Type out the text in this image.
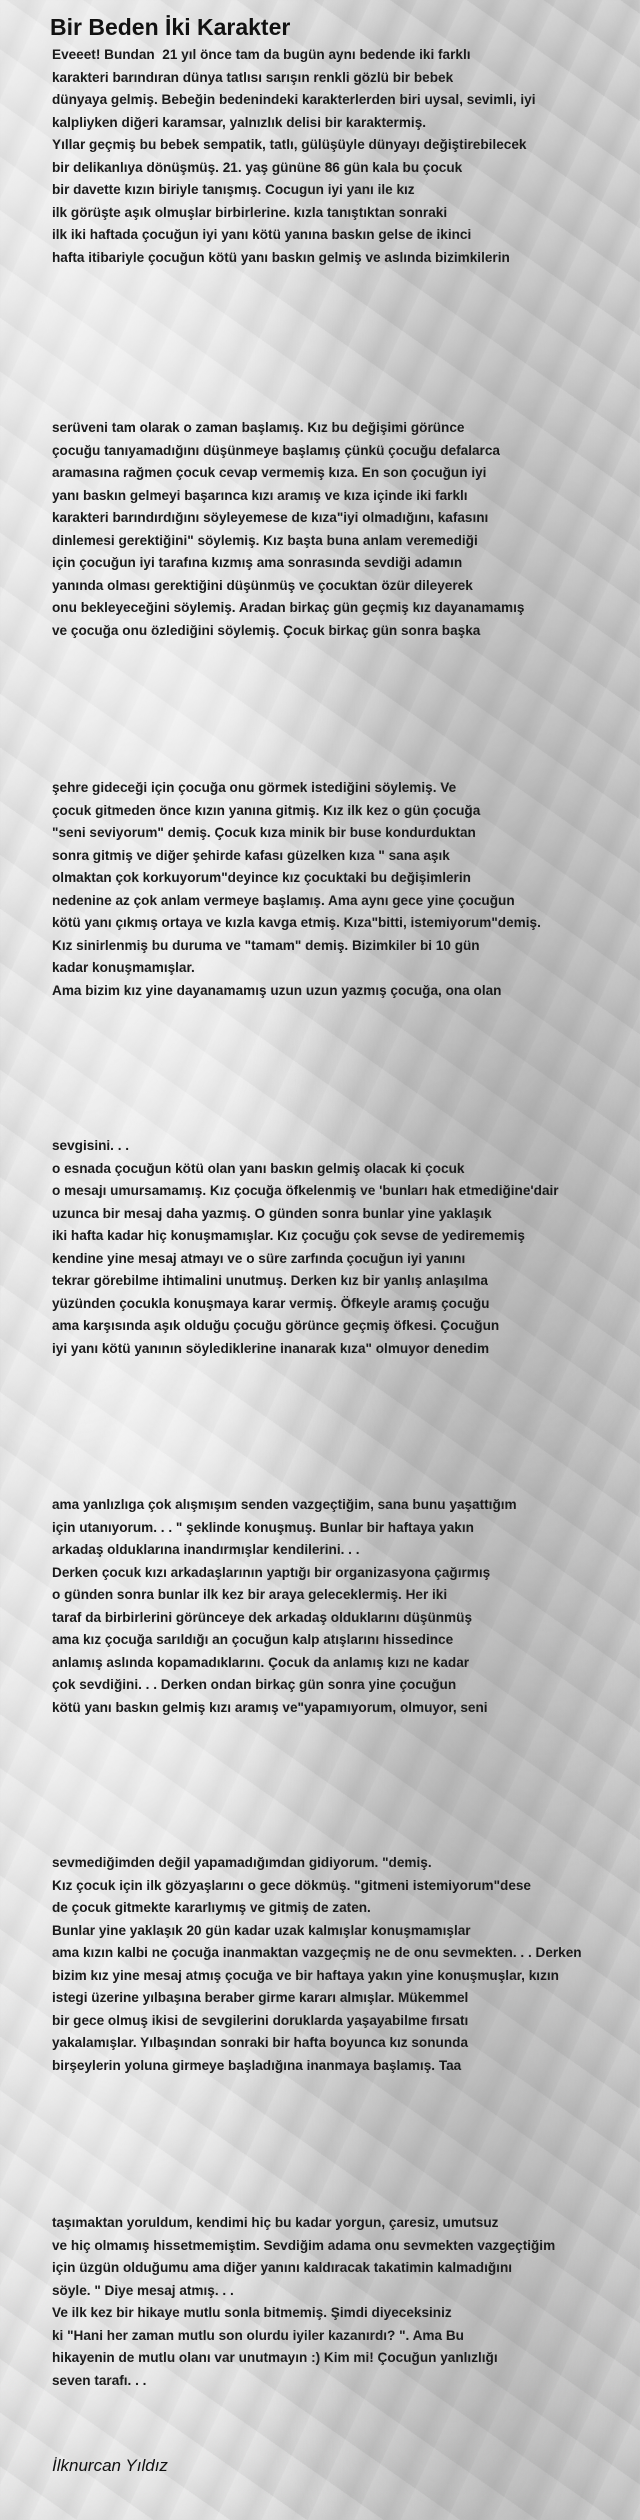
Bir Beden İki Karakter
Eveeet! Bundan  21 yıl önce tam da bugün aynı bedende iki farklı
karakteri barındıran dünya tatlısı sarışın renkli gözlü bir bebek
dünyaya gelmiş. Bebeğin bedenindeki karakterlerden biri uysal, sevimli, iyi
kalpliyken diğeri karamsar, yalnızlık delisi bir karaktermiş.
Yıllar geçmiş bu bebek sempatik, tatlı, gülüşüyle dünyayı değiştirebilecek
bir delikanlıya dönüşmüş. 21. yaş gününe 86 gün kala bu çocuk
bir davette kızın biriyle tanışmış. Cocugun iyi yanı ile kız
ilk görüşte aşık olmuşlar birbirlerine. kızla tanıştıktan sonraki
ilk iki haftada çocuğun iyi yanı kötü yanına baskın gelse de ikinci
hafta itibariyle çocuğun kötü yanı baskın gelmiş ve aslında bizimkilerin
serüveni tam olarak o zaman başlamış. Kız bu değişimi görünce
çocuğu tanıyamadığını düşünmeye başlamış çünkü çocuğu defalarca
aramasına rağmen çocuk cevap vermemiş kıza. En son çocuğun iyi
yanı baskın gelmeyi başarınca kızı aramış ve kıza içinde iki farklı
karakteri barındırdığını söyleyemese de kıza"iyi olmadığını, kafasını
dinlemesi gerektiğini" söylemiş. Kız başta buna anlam veremediği
için çocuğun iyi tarafına kızmış ama sonrasında sevdiği adamın
yanında olması gerektiğini düşünmüş ve çocuktan özür dileyerek
onu bekleyeceğini söylemiş. Aradan birkaç gün geçmiş kız dayanamamış
ve çocuğa onu özlediğini söylemiş. Çocuk birkaç gün sonra başka
şehre gideceği için çocuğa onu görmek istediğini söylemiş. Ve
çocuk gitmeden önce kızın yanına gitmiş. Kız ilk kez o gün çocuğa
"seni seviyorum" demiş. Çocuk kıza minik bir buse kondurduktan
sonra gitmiş ve diğer şehirde kafası güzelken kıza " sana aşık
olmaktan çok korkuyorum"deyince kız çocuktaki bu değişimlerin
nedenine az çok anlam vermeye başlamış. Ama aynı gece yine çocuğun
kötü yanı çıkmış ortaya ve kızla kavga etmiş. Kıza"bitti, istemiyorum"demiş.
Kız sinirlenmiş bu duruma ve "tamam" demiş. Bizimkiler bi 10 gün
kadar konuşmamışlar.
Ama bizim kız yine dayanamamış uzun uzun yazmış çocuğa, ona olan
sevgisini. . .
o esnada çocuğun kötü olan yanı baskın gelmiş olacak ki çocuk
o mesajı umursamamış. Kız çocuğa öfkelenmiş ve 'bunları hak etmediğine'dair
uzunca bir mesaj daha yazmış. O günden sonra bunlar yine yaklaşık
iki hafta kadar hiç konuşmamışlar. Kız çocuğu çok sevse de yedirememiş
kendine yine mesaj atmayı ve o süre zarfında çocuğun iyi yanını
tekrar görebilme ihtimalini unutmuş. Derken kız bir yanlış anlaşılma
yüzünden çocukla konuşmaya karar vermiş. Öfkeyle aramış çocuğu
ama karşısında aşık olduğu çocuğu görünce geçmiş öfkesi. Çocuğun
iyi yanı kötü yanının söylediklerine inanarak kıza" olmuyor denedim
ama yanlızlıga çok alışmışım senden vazgeçtiğim, sana bunu yaşattığım
için utanıyorum. . . " şeklinde konuşmuş. Bunlar bir haftaya yakın
arkadaş olduklarına inandırmışlar kendilerini. . .
Derken çocuk kızı arkadaşlarının yaptığı bir organizasyona çağırmış
o günden sonra bunlar ilk kez bir araya geleceklermiş. Her iki
taraf da birbirlerini görünceye dek arkadaş olduklarını düşünmüş
ama kız çocuğa sarıldığı an çocuğun kalp atışlarını hissedince
anlamış aslında kopamadıklarını. Çocuk da anlamış kızı ne kadar
çok sevdiğini. . . Derken ondan birkaç gün sonra yine çocuğun
kötü yanı baskın gelmiş kızı aramış ve"yapamıyorum, olmuyor, seni
sevmediğimden değil yapamadığımdan gidiyorum. "demiş.
Kız çocuk için ilk gözyaşlarını o gece dökmüş. "gitmeni istemiyorum"dese
de çocuk gitmekte kararlıymış ve gitmiş de zaten.
Bunlar yine yaklaşık 20 gün kadar uzak kalmışlar konuşmamışlar
ama kızın kalbi ne çocuğa inanmaktan vazgeçmiş ne de onu sevmekten. . . Derken
bizim kız yine mesaj atmış çocuğa ve bir haftaya yakın yine konuşmuşlar, kızın
istegi üzerine yılbaşına beraber girme kararı almışlar. Mükemmel
bir gece olmuş ikisi de sevgilerini doruklarda yaşayabilme fırsatı
yakalamışlar. Yılbaşından sonraki bir hafta boyunca kız sonunda
birşeylerin yoluna girmeye başladığına inanmaya başlamış. Taa
taşımaktan yoruldum, kendimi hiç bu kadar yorgun, çaresiz, umutsuz
ve hiç olmamış hissetmemiştim. Sevdiğim adama onu sevmekten vazgeçtiğim
için üzgün olduğumu ama diğer yanını kaldıracak takatimin kalmadığını
söyle. " Diye mesaj atmış. . .
Ve ilk kez bir hikaye mutlu sonla bitmemiş. Şimdi diyeceksiniz
ki "Hani her zaman mutlu son olurdu iyiler kazanırdı? ". Ama Bu
hikayenin de mutlu olanı var unutmayın :) Kim mi! Çocuğun yanlızlığı
seven tarafı. . .
İlknurcan Yıldız
